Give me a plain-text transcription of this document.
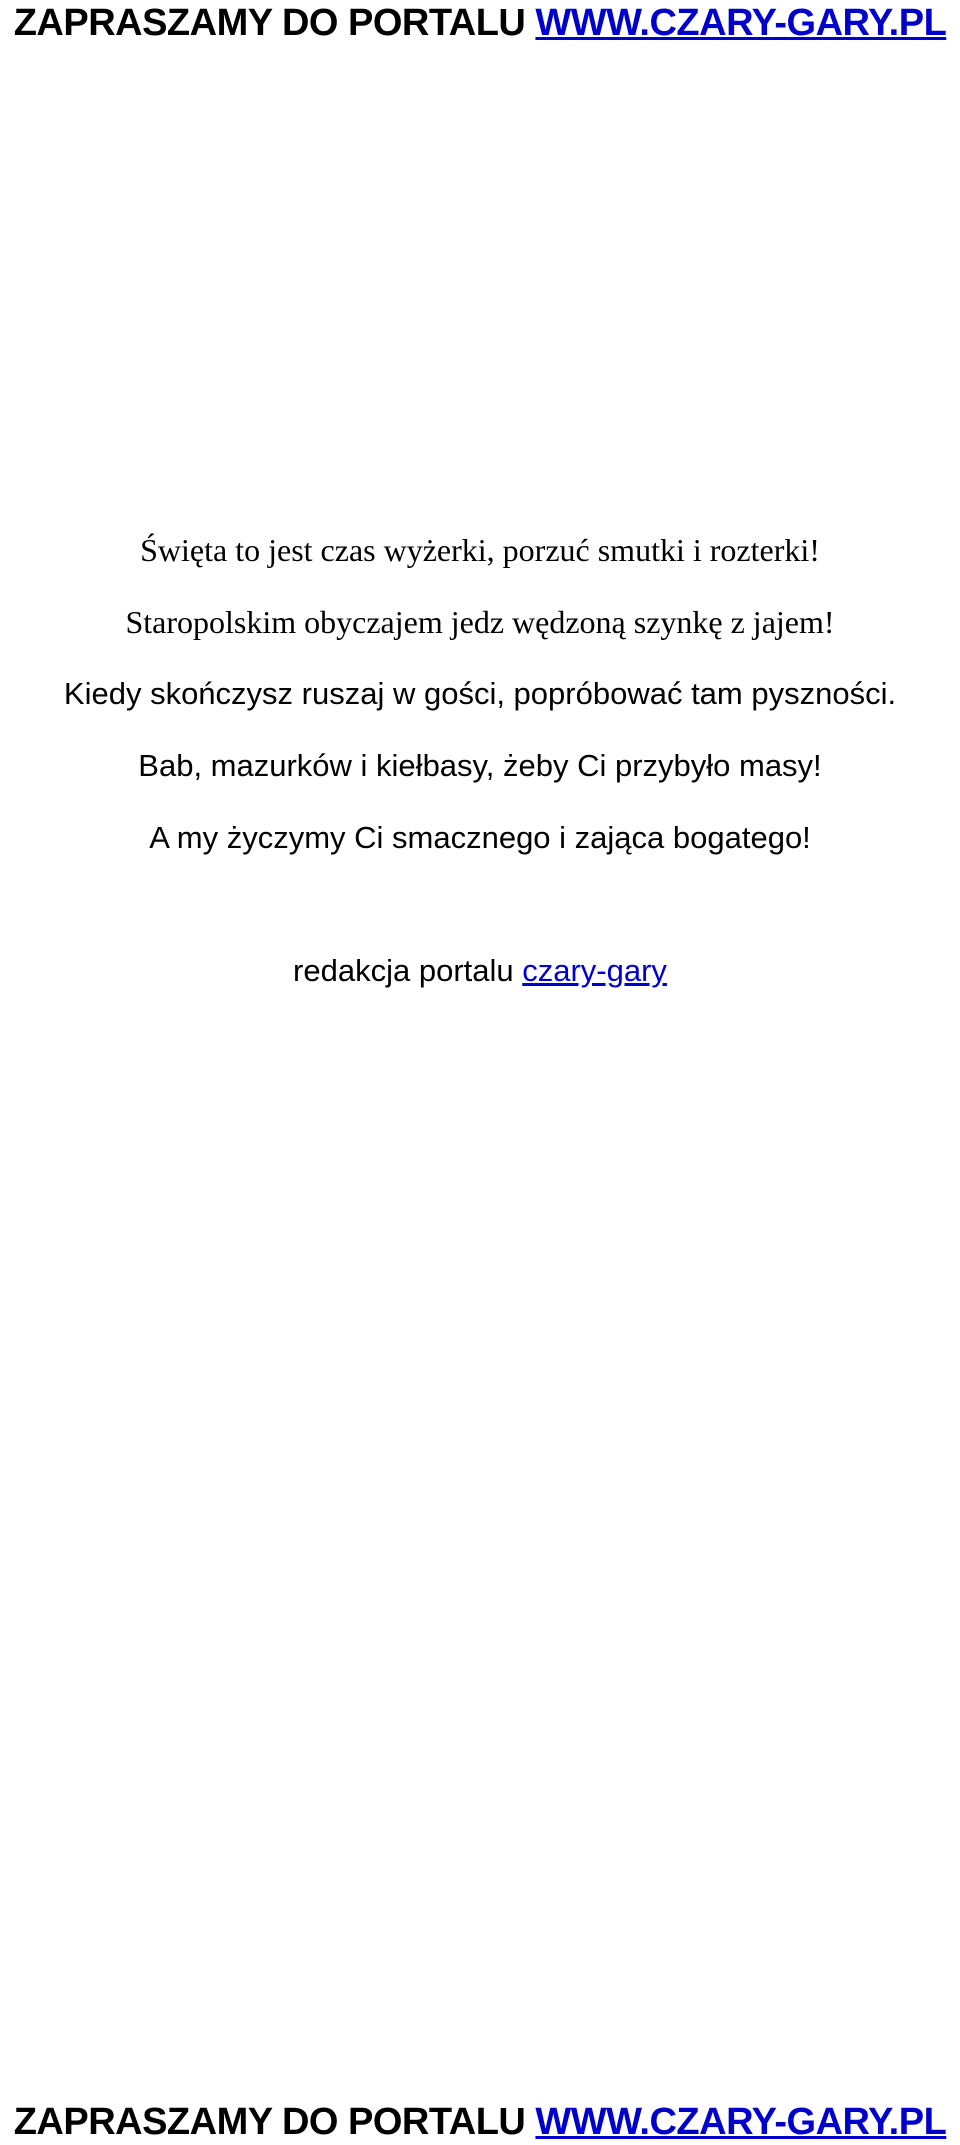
ZAPRASZAMY DO PORTALU WWW.CZARY-GARY.PL
Święta to jest czas wyżerki, porzuć smutki i rozterki!
Staropolskim obyczajem jedz wędzoną szynkę z jajem!
Kiedy skończysz ruszaj w gości, popróbować tam pyszności.
Bab, mazurków i kiełbasy, żeby Ci przybyło masy!
A my życzymy Ci smacznego i zająca bogatego!
redakcja portalu czary-gary
ZAPRASZAMY DO PORTALU WWW.CZARY-GARY.PL
